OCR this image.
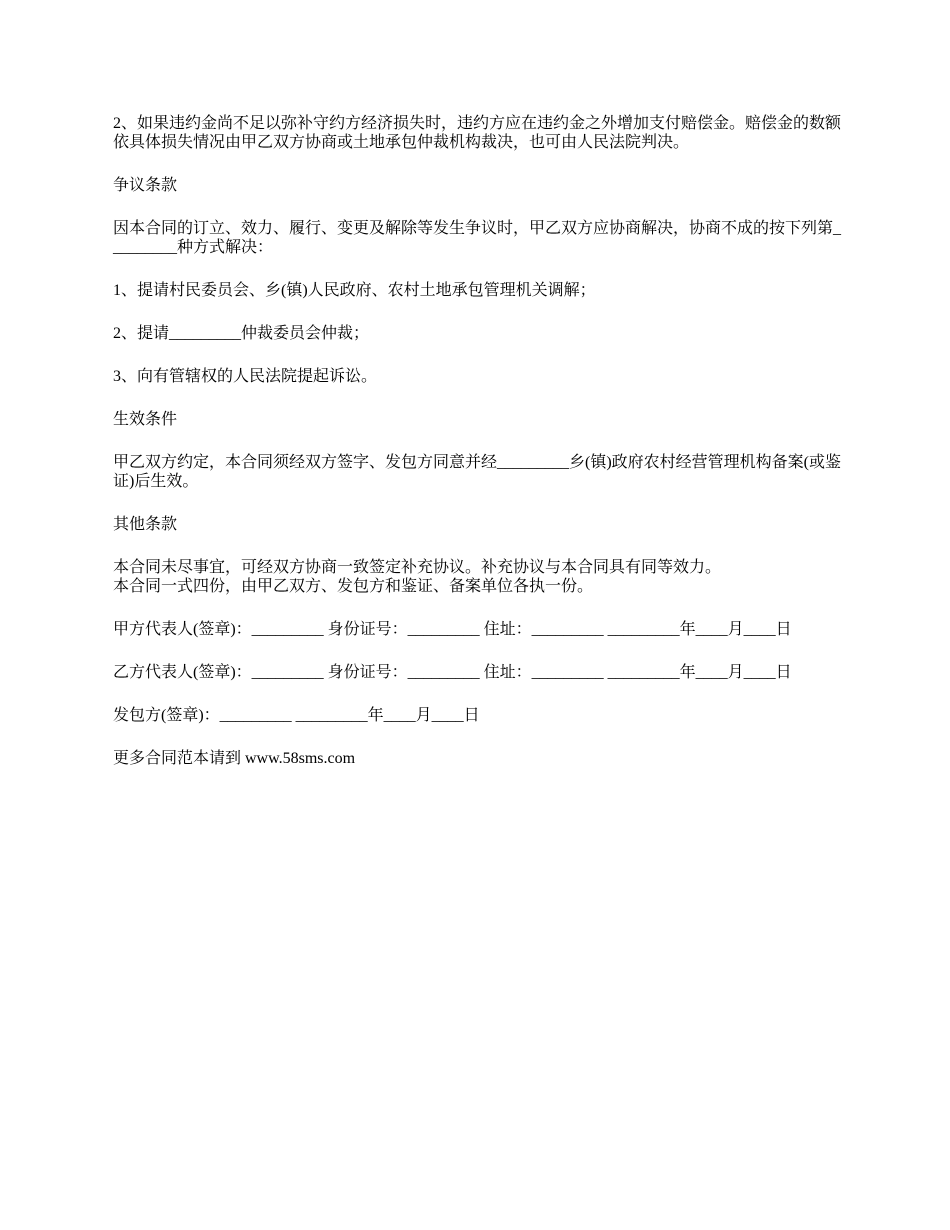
2、如果违约金尚不足以弥补守约方经济损失时，违约方应在违约金之外增加支付赔偿金。赔偿金的数额依具体损失情况由甲乙双方协商或土地承包仲裁机构裁决，也可由人民法院判决。

争议条款

因本合同的订立、效力、履行、变更及解除等发生争议时，甲乙双方应协商解决，协商不成的按下列第_________种方式解决：

1、提请村民委员会、乡(镇)人民政府、农村土地承包管理机关调解；

2、提请_________仲裁委员会仲裁；

3、向有管辖权的人民法院提起诉讼。

生效条件

甲乙双方约定，本合同须经双方签字、发包方同意并经_________乡(镇)政府农村经营管理机构备案(或鉴证)后生效。

其他条款

本合同未尽事宜，可经双方协商一致签定补充协议。补充协议与本合同具有同等效力。

本合同一式四份，由甲乙双方、发包方和鉴证、备案单位各执一份。

甲方代表人(签章)：_________ 身份证号：_________ 住址：_________ _________年____月____日

乙方代表人(签章)：_________ 身份证号：_________ 住址：_________ _________年____月____日

发包方(签章)：_________ _________年____月____日

更多合同范本请到 www.58sms.com
